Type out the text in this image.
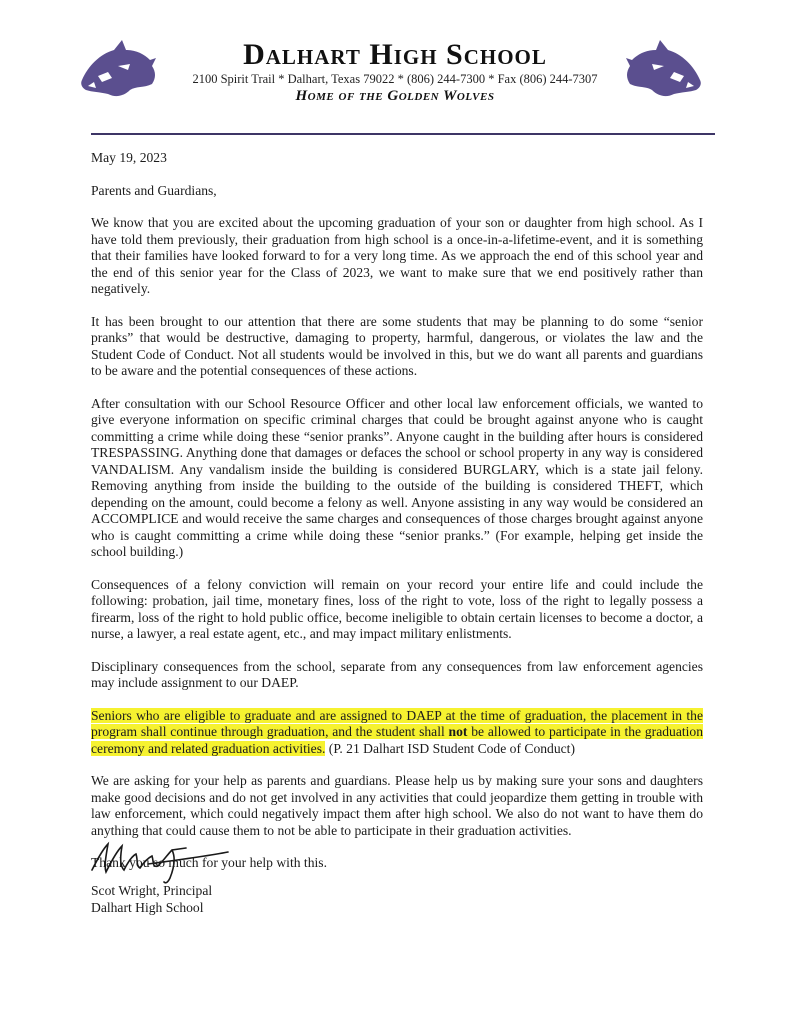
Dalhart High School
2100 Spirit Trail * Dalhart, Texas 79022 * (806) 244-7300 * Fax (806) 244-7307
Home of the Golden Wolves

May 19, 2023

Parents and Guardians,

We know that you are excited about the upcoming graduation of your son or daughter from high school. As I have told them previously, their graduation from high school is a once-in-a-lifetime-event, and it is something that their families have looked forward to for a very long time. As we approach the end of this school year and the end of this senior year for the Class of 2023, we want to make sure that we end positively rather than negatively.

It has been brought to our attention that there are some students that may be planning to do some “senior pranks” that would be destructive, damaging to property, harmful, dangerous, or violates the law and the Student Code of Conduct. Not all students would be involved in this, but we do want all parents and guardians to be aware and the potential consequences of these actions.

After consultation with our School Resource Officer and other local law enforcement officials, we wanted to give everyone information on specific criminal charges that could be brought against anyone who is caught committing a crime while doing these “senior pranks”. Anyone caught in the building after hours is considered TRESPASSING. Anything done that damages or defaces the school or school property in any way is considered VANDALISM. Any vandalism inside the building is considered BURGLARY, which is a state jail felony. Removing anything from inside the building to the outside of the building is considered THEFT, which depending on the amount, could become a felony as well. Anyone assisting in any way would be considered an ACCOMPLICE and would receive the same charges and consequences of those charges brought against anyone who is caught committing a crime while doing these “senior pranks.” (For example, helping get inside the school building.)

Consequences of a felony conviction will remain on your record your entire life and could include the following: probation, jail time, monetary fines, loss of the right to vote, loss of the right to legally possess a firearm, loss of the right to hold public office, become ineligible to obtain certain licenses to become a doctor, a nurse, a lawyer, a real estate agent, etc., and may impact military enlistments.

Disciplinary consequences from the school, separate from any consequences from law enforcement agencies may include assignment to our DAEP.

Seniors who are eligible to graduate and are assigned to DAEP at the time of graduation, the placement in the program shall continue through graduation, and the student shall not be allowed to participate in the graduation ceremony and related graduation activities. (P. 21 Dalhart ISD Student Code of Conduct)

We are asking for your help as parents and guardians. Please help us by making sure your sons and daughters make good decisions and do not get involved in any activities that could jeopardize them getting in trouble with law enforcement, which could negatively impact them after high school. We also do not want to have them do anything that could cause them to not be able to participate in their graduation activities.

Thank you so much for your help with this.

Scot Wright, Principal
Dalhart High School
